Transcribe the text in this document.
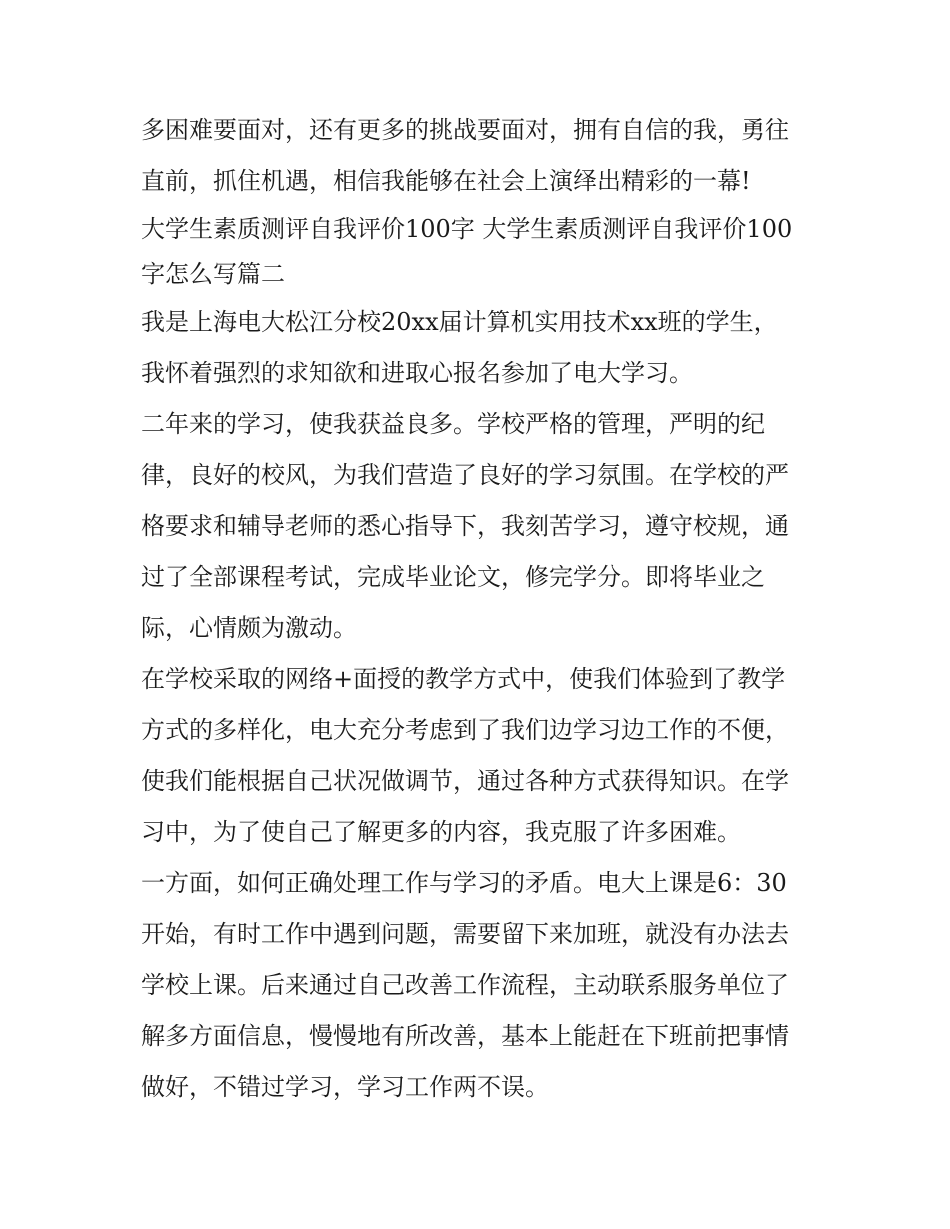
多困难要面对，还有更多的挑战要面对，拥有自信的我，勇往
直前，抓住机遇，相信我能够在社会上演绎出精彩的一幕!
大学生素质测评自我评价100字 大学生素质测评自我评价100
字怎么写篇二
我是上海电大松江分校20xx届计算机实用技术xx班的学生，
我怀着强烈的求知欲和进取心报名参加了电大学习。
二年来的学习，使我获益良多。学校严格的管理，严明的纪
律，良好的校风，为我们营造了良好的学习氛围。在学校的严
格要求和辅导老师的悉心指导下，我刻苦学习，遵守校规，通
过了全部课程考试，完成毕业论文，修完学分。即将毕业之
际，心情颇为激动。
在学校采取的网络+面授的教学方式中，使我们体验到了教学
方式的多样化，电大充分考虑到了我们边学习边工作的不便，
使我们能根据自己状况做调节，通过各种方式获得知识。在学
习中，为了使自己了解更多的内容，我克服了许多困难。
一方面，如何正确处理工作与学习的矛盾。电大上课是6：30
开始，有时工作中遇到问题，需要留下来加班，就没有办法去
学校上课。后来通过自己改善工作流程，主动联系服务单位了
解多方面信息，慢慢地有所改善，基本上能赶在下班前把事情
做好，不错过学习，学习工作两不误。
